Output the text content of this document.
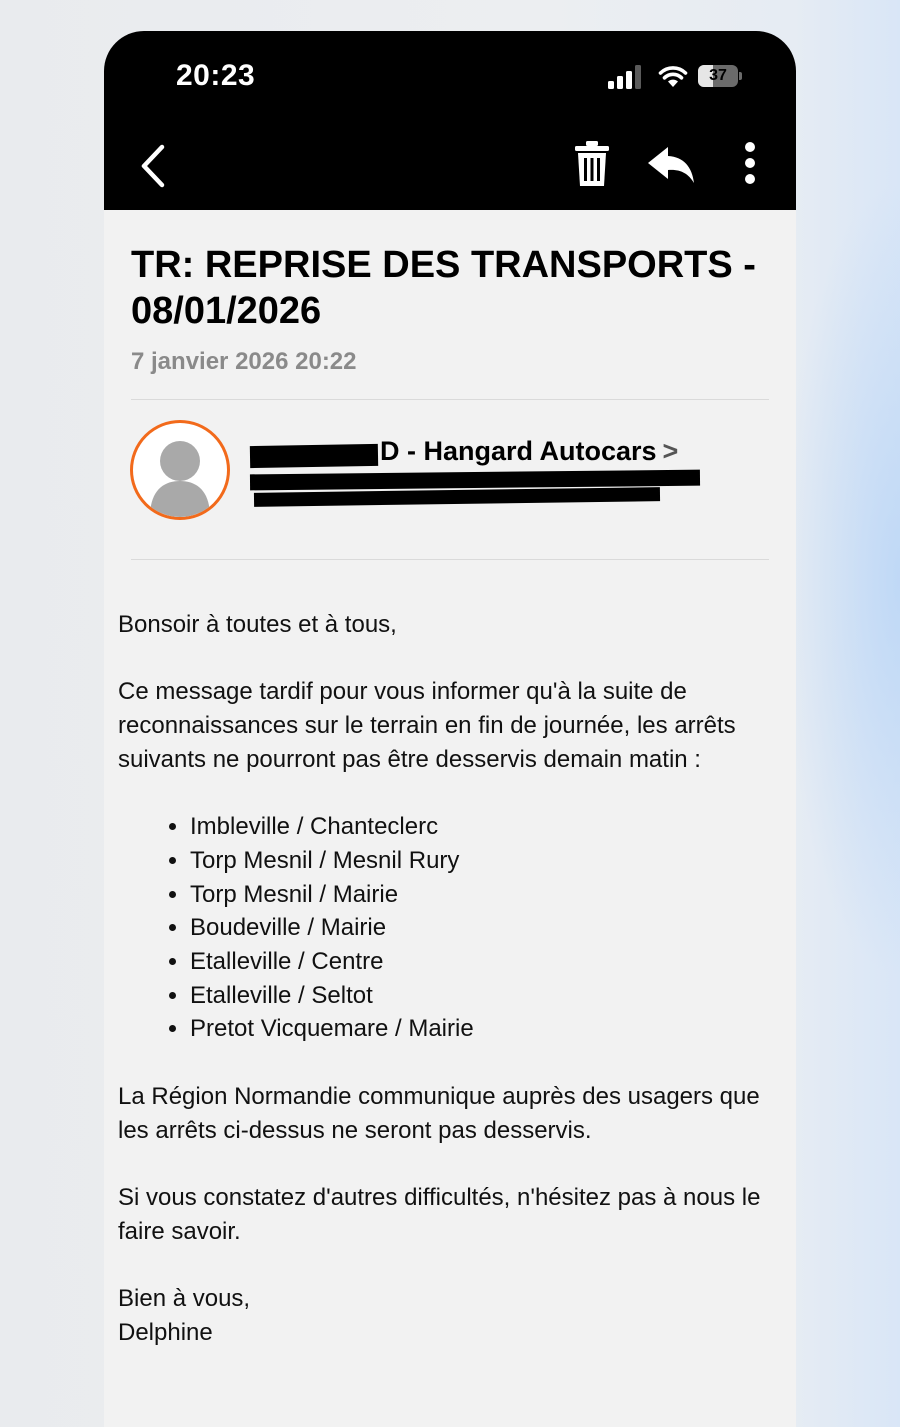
20:23	37
TR: REPRISE DES TRANSPORTS - 08/01/2026
7 janvier 2026 20:22
D - Hangard Autocars >

Bonsoir à toutes et à tous,

Ce message tardif pour vous informer qu'à la suite de reconnaissances sur le terrain en fin de journée, les arrêts suivants ne pourront pas être desservis demain matin :

• Imbleville / Chanteclerc
• Torp Mesnil / Mesnil Rury
• Torp Mesnil / Mairie
• Boudeville / Mairie
• Etalleville / Centre
• Etalleville / Seltot
• Pretot Vicquemare / Mairie

La Région Normandie communique auprès des usagers que les arrêts ci-dessus ne seront pas desservis.

Si vous constatez d'autres difficultés, n'hésitez pas à nous le faire savoir.

Bien à vous,

Delphine
